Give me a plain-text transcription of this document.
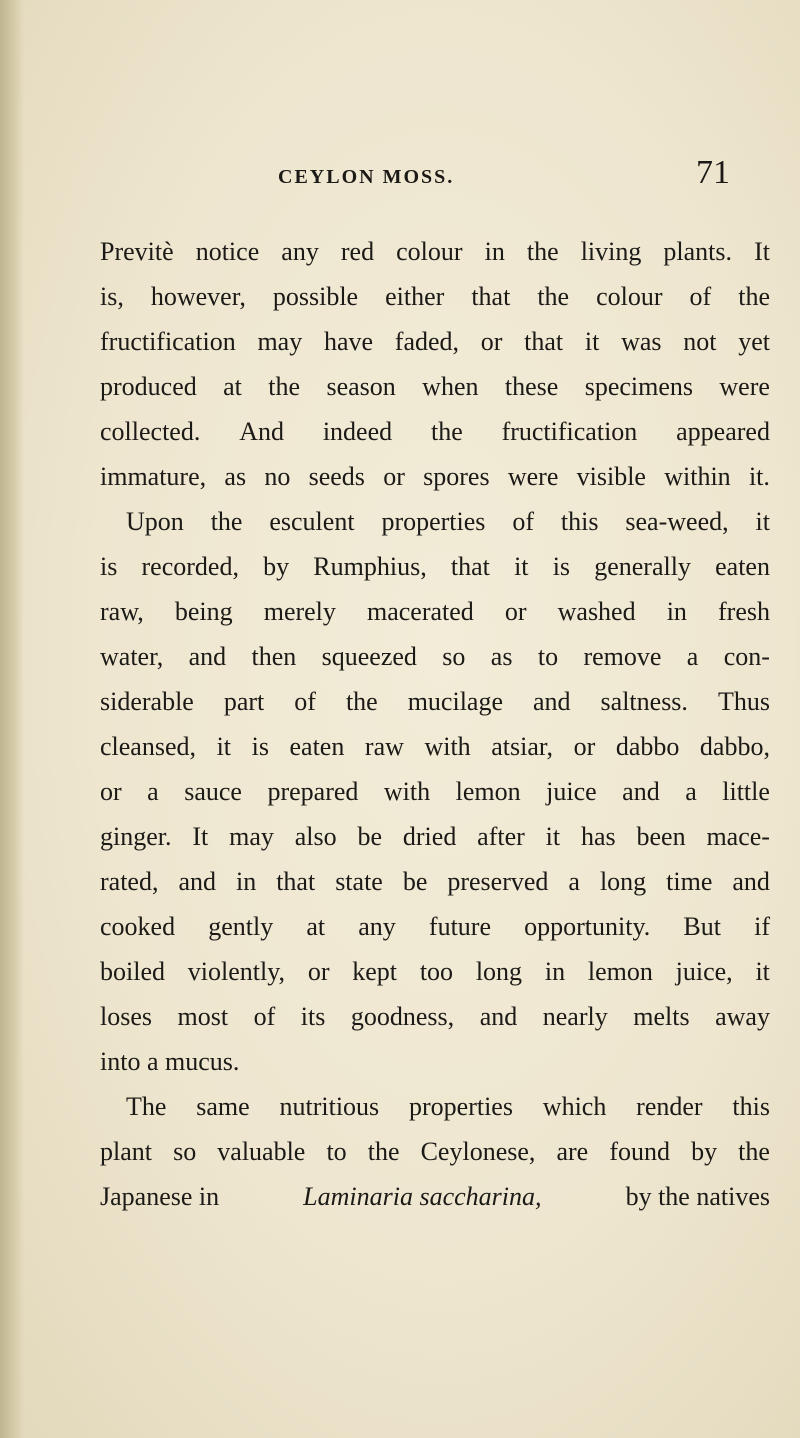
CEYLON MOSS.	71
Previtè notice any red colour in the living plants. It
is, however, possible either that the colour of the
fructification may have faded, or that it was not yet
produced at the season when these specimens were
collected. And indeed the fructification appeared
immature, as no seeds or spores were visible within it.
Upon the esculent properties of this sea-weed, it
is recorded, by Rumphius, that it is generally eaten
raw, being merely macerated or washed in fresh
water, and then squeezed so as to remove a con-
siderable part of the mucilage and saltness. Thus
cleansed, it is eaten raw with atsiar, or dabbo dabbo,
or a sauce prepared with lemon juice and a little
ginger. It may also be dried after it has been mace-
rated, and in that state be preserved a long time and
cooked gently at any future opportunity. But if
boiled violently, or kept too long in lemon juice, it
loses most of its goodness, and nearly melts away
into a mucus.
The same nutritious properties which render this
plant so valuable to the Ceylonese, are found by the
Japanese in	Laminaria saccharina,	by the natives
